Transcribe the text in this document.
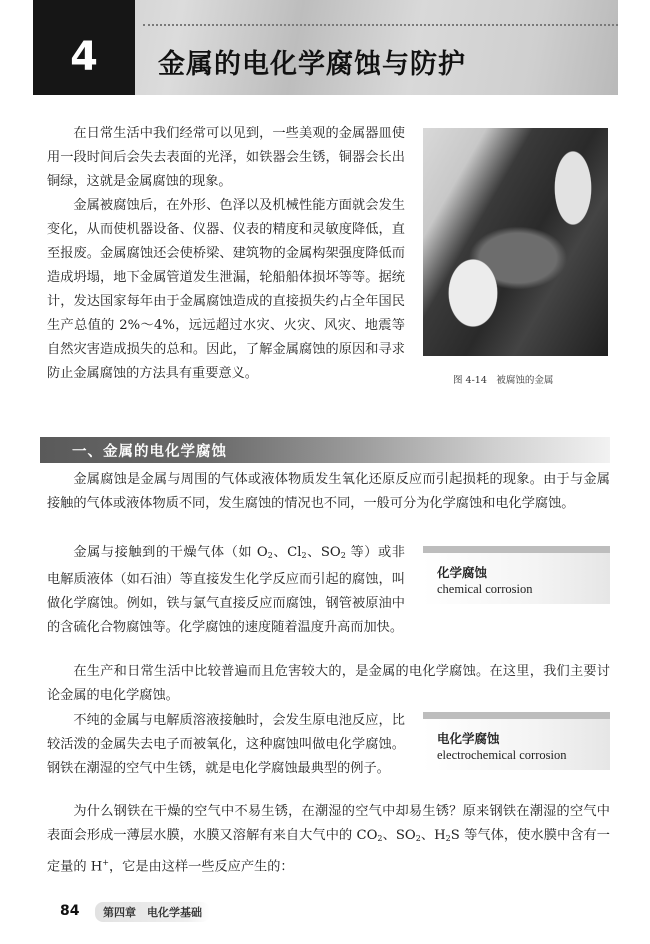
4 金属的电化学腐蚀与防护

在日常生活中我们经常可以见到，一些美观的金属器皿使用一段时间后会失去表面的光泽，如铁器会生锈，铜器会长出铜绿，这就是金属腐蚀的现象。

金属被腐蚀后，在外形、色泽以及机械性能方面就会发生变化，从而使机器设备、仪器、仪表的精度和灵敏度降低，直至报废。金属腐蚀还会使桥梁、建筑物的金属构架强度降低而造成坍塌，地下金属管道发生泄漏，轮船船体损坏等等。据统计，发达国家每年由于金属腐蚀造成的直接损失约占全年国民生产总值的 2%～4%，远远超过水灾、火灾、风灾、地震等自然灾害造成损失的总和。因此，了解金属腐蚀的原因和寻求防止金属腐蚀的方法具有重要意义。	图 4-14　被腐蚀的金属
一、金属的电化学腐蚀

金属腐蚀是金属与周围的气体或液体物质发生氧化还原反应而引起损耗的现象。由于与金属接触的气体或液体物质不同，发生腐蚀的情况也不同，一般可分为化学腐蚀和电化学腐蚀。

金属与接触到的干燥气体（如 $O_2$、$Cl_2$、$SO_2$ 等）或非电解质液体（如石油）等直接发生化学反应而引起的腐蚀，叫做化学腐蚀。例如，铁与氯气直接反应而腐蚀，钢管被原油中的含硫化合物腐蚀等。化学腐蚀的速度随着温度升高而加快。

化学腐蚀
chemical corrosion

在生产和日常生活中比较普遍而且危害较大的，是金属的电化学腐蚀。在这里，我们主要讨论金属的电化学腐蚀。

不纯的金属与电解质溶液接触时，会发生原电池反应，比较活泼的金属失去电子而被氧化，这种腐蚀叫做电化学腐蚀。钢铁在潮湿的空气中生锈，就是电化学腐蚀最典型的例子。

电化学腐蚀
electrochemical corrosion

为什么钢铁在干燥的空气中不易生锈，在潮湿的空气中却易生锈？原来钢铁在潮湿的空气中表面会形成一薄层水膜，水膜又溶解有来自大气中的 $CO_2$、$SO_2$、$H_2S$ 等气体，使水膜中含有一定量的 H+，它是由这样一些反应产生的：

84	第四章　电化学基础
